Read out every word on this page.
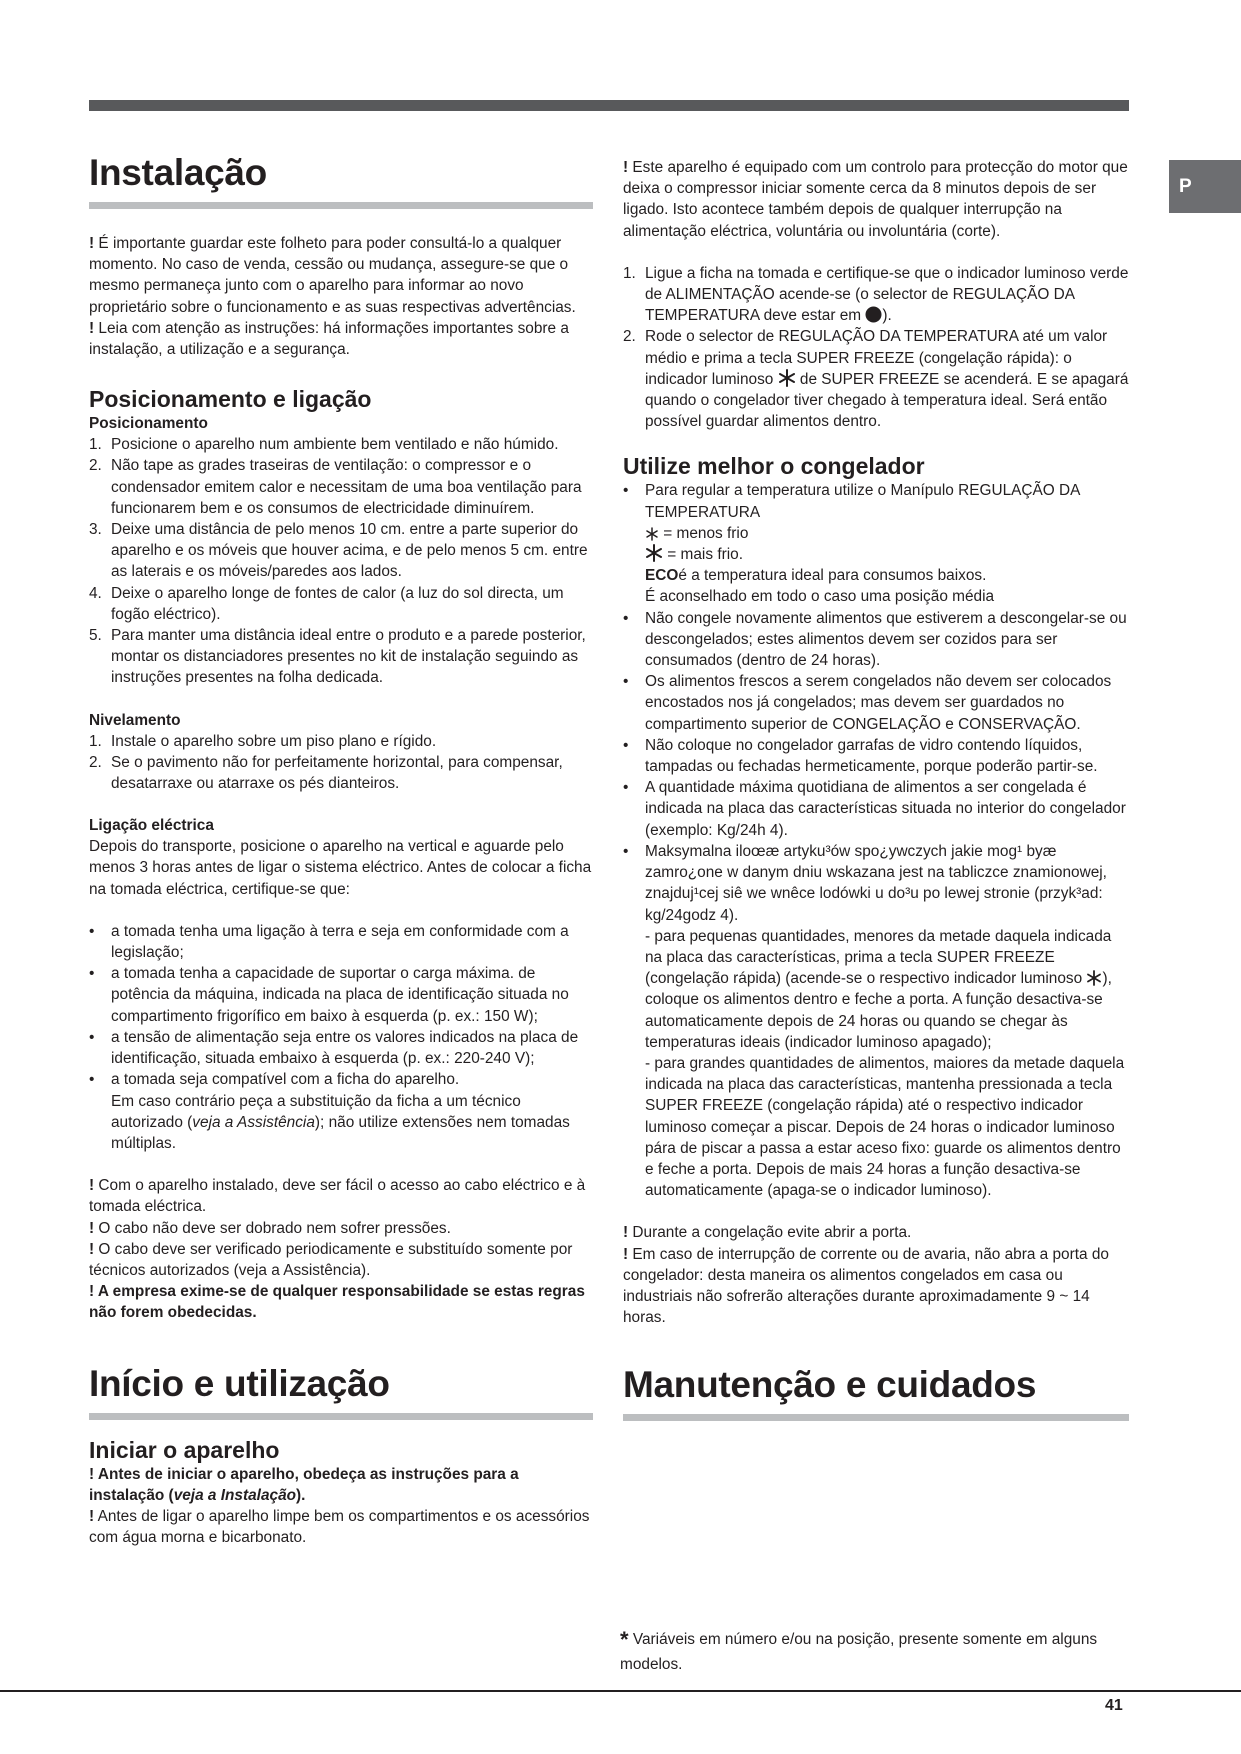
P
Instalação

! É importante guardar este folheto para poder consultá-lo a qualquer momento. No caso de venda, cessão ou mudança, assegure-se que o mesmo permaneça junto com o aparelho para informar ao novo proprietário sobre o funcionamento e as suas respectivas advertências.

! Leia com atenção as instruções: há informações importantes sobre a instalação, a utilização e a segurança.

Posicionamento e ligação
Posicionamento
1. Posicione o aparelho num ambiente bem ventilado e não húmido.
2. Não tape as grades traseiras de ventilação: o compressor e o condensador emitem calor e necessitam de uma boa ventilação para funcionarem bem e os consumos de electricidade diminuírem.
3. Deixe uma distância de pelo menos 10 cm. entre a parte superior do aparelho e os móveis que houver acima, e de pelo menos 5 cm. entre as laterais e os móveis/paredes aos lados.
4. Deixe o aparelho longe de fontes de calor (a luz do sol directa, um fogão eléctrico).
5. Para manter uma distância ideal entre o produto e a parede posterior, montar os distanciadores presentes no kit de instalação seguindo as instruções presentes na folha dedicada.
Nivelamento
1. Instale o aparelho sobre um piso plano e rígido.
2. Se o pavimento não for perfeitamente horizontal, para compensar, desatarraxe ou atarraxe os pés dianteiros.
Ligação eléctrica

Depois do transporte, posicione o aparelho na vertical e aguarde pelo menos 3 horas antes de ligar o sistema eléctrico. Antes de colocar a ficha na tomada eléctrica, certifique-se que:

• a tomada tenha uma ligação à terra e seja em conformidade com a legislação;
• a tomada tenha a capacidade de suportar o carga máxima. de potência da máquina, indicada na placa de identificação situada no compartimento frigorífico em baixo à esquerda (p. ex.: 150 W);
• a tensão de alimentação seja entre os valores indicados na placa de identificação, situada embaixo à esquerda (p. ex.: 220-240 V);
• a tomada seja compatível com a ficha do aparelho.
Em caso contrário peça a substituição da ficha a um técnico autorizado (veja a Assistência); não utilize extensões nem tomadas múltiplas.

! Com o aparelho instalado, deve ser fácil o acesso ao cabo eléctrico e à tomada eléctrica.

! O cabo não deve ser dobrado nem sofrer pressões.

! O cabo deve ser verificado periodicamente e substituído somente por técnicos autorizados (veja a Assistência).

! A empresa exime-se de qualquer responsabilidade se estas regras não forem obedecidas.

Início e utilização
Iniciar o aparelho

! Antes de iniciar o aparelho, obedeça as instruções para a instalação (veja a Instalação).

! Antes de ligar o aparelho limpe bem os compartimentos e os acessórios com água morna e bicarbonato.

! Este aparelho é equipado com um controlo para protecção do motor que deixa o compressor iniciar somente cerca da 8 minutos depois de ser ligado. Isto acontece também depois de qualquer interrupção na alimentação eléctrica, voluntária ou involuntária (corte).

1. Ligue a ficha na tomada e certifique-se que o indicador luminoso verde de ALIMENTAÇÃO acende-se (o selector de REGULAÇÃO DA TEMPERATURA deve estar em ).
2. Rode o selector de REGULAÇÃO DA TEMPERATURA até um valor médio e prima a tecla SUPER FREEZE (congelação rápida): o indicador luminoso de SUPER FREEZE se acenderá. E se apagará quando o congelador tiver chegado à temperatura ideal. Será então possível guardar alimentos dentro.
Utilize melhor o congelador
• Para regular a temperatura utilize o Manípulo REGULAÇÃO DA TEMPERATURA
= menos frio
= mais frio.
ECOé a temperatura ideal para consumos baixos.
É aconselhado em todo o caso uma posição média
• Não congele novamente alimentos que estiverem a descongelar-se ou descongelados; estes alimentos devem ser cozidos para ser consumados (dentro de 24 horas).
• Os alimentos frescos a serem congelados não devem ser colocados encostados nos já congelados; mas devem ser guardados no compartimento superior de CONGELAÇÃO e CONSERVAÇÃO.
• Não coloque no congelador garrafas de vidro contendo líquidos, tampadas ou fechadas hermeticamente, porque poderão partir-se.
• A quantidade máxima quotidiana de alimentos a ser congelada é indicada na placa das características situada no interior do congelador (exemplo: Kg/24h 4).
• Maksymalna iloœæ artyku³ów spo¿ywczych jakie mog¹ byæ zamro¿one w danym dniu wskazana jest na tabliczce znamionowej, znajduj¹cej siê we wnêce lodówki u do³u po lewej stronie (przyk³ad: kg/24godz 4).
- para pequenas quantidades, menores da metade daquela indicada na placa das características, prima a tecla SUPER FREEZE (congelação rápida) (acende-se o respectivo indicador luminoso ), coloque os alimentos dentro e feche a porta. A função desactiva-se automaticamente depois de 24 horas ou quando se chegar às temperaturas ideais (indicador luminoso apagado);
- para grandes quantidades de alimentos, maiores da metade daquela indicada na placa das características, mantenha pressionada a tecla SUPER FREEZE (congelação rápida) até o respectivo indicador luminoso começar a piscar. Depois de 24 horas o indicador luminoso pára de piscar a passa a estar aceso fixo: guarde os alimentos dentro e feche a porta. Depois de mais 24 horas a função desactiva-se automaticamente (apaga-se o indicador luminoso).

! Durante a congelação evite abrir a porta.

! Em caso de interrupção de corrente ou de avaria, não abra a porta do congelador: desta maneira os alimentos congelados em casa ou industriais não sofrerão alterações durante aproximadamente 9 ~ 14 horas.

Manutenção e cuidados
* Variáveis em número e/ou na posição, presente somente em alguns modelos.
41
